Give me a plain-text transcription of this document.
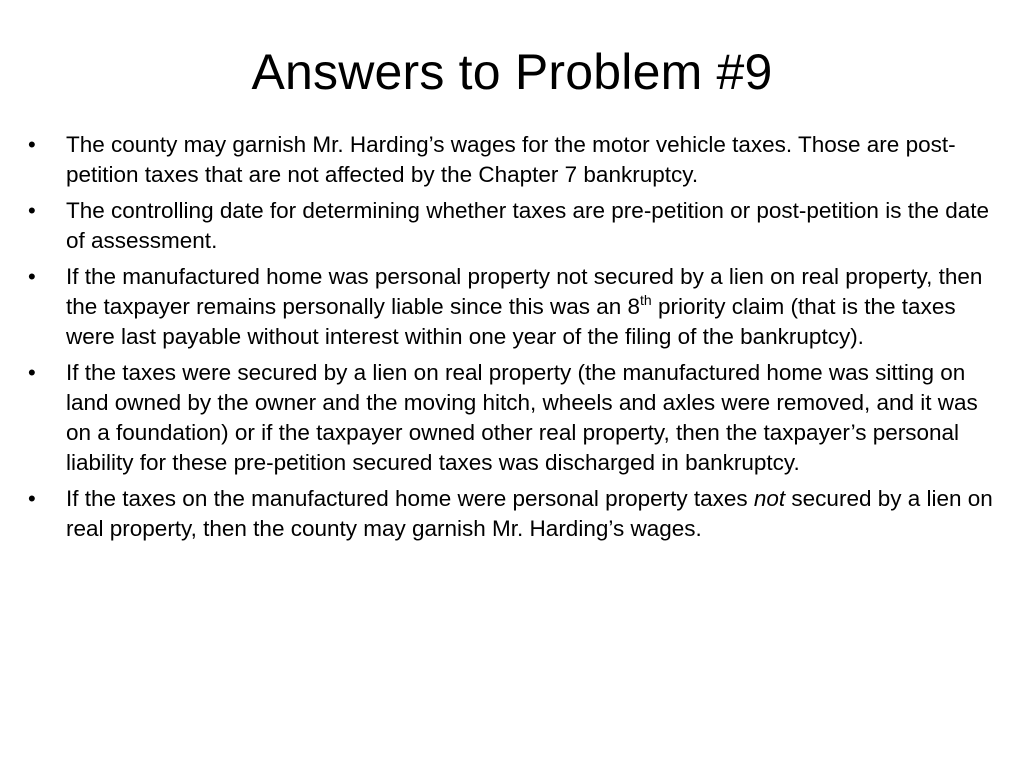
Answers to Problem #9
•
The county may garnish Mr. Harding’s wages for the motor vehicle taxes. Those are post-petition taxes that are not affected by the Chapter 7 bankruptcy.
•
The controlling date for determining whether taxes are pre-petition or post-petition is the date of assessment.
•
If the manufactured home was personal property not secured by a lien on real property, then the taxpayer remains personally liable since this was an 8th priority claim (that is the taxes were last payable without interest within one year of the filing of the bankruptcy).
•
If the taxes were secured by a lien on real property (the manufactured home was sitting on land owned by the owner and the moving hitch, wheels and axles were removed, and it was on a foundation) or if the taxpayer owned other real property, then the taxpayer’s personal liability for these pre-petition secured taxes was discharged in bankruptcy.
•
If the taxes on the manufactured home were personal property taxes not secured by a lien on real property, then the county may garnish Mr. Harding’s wages.
